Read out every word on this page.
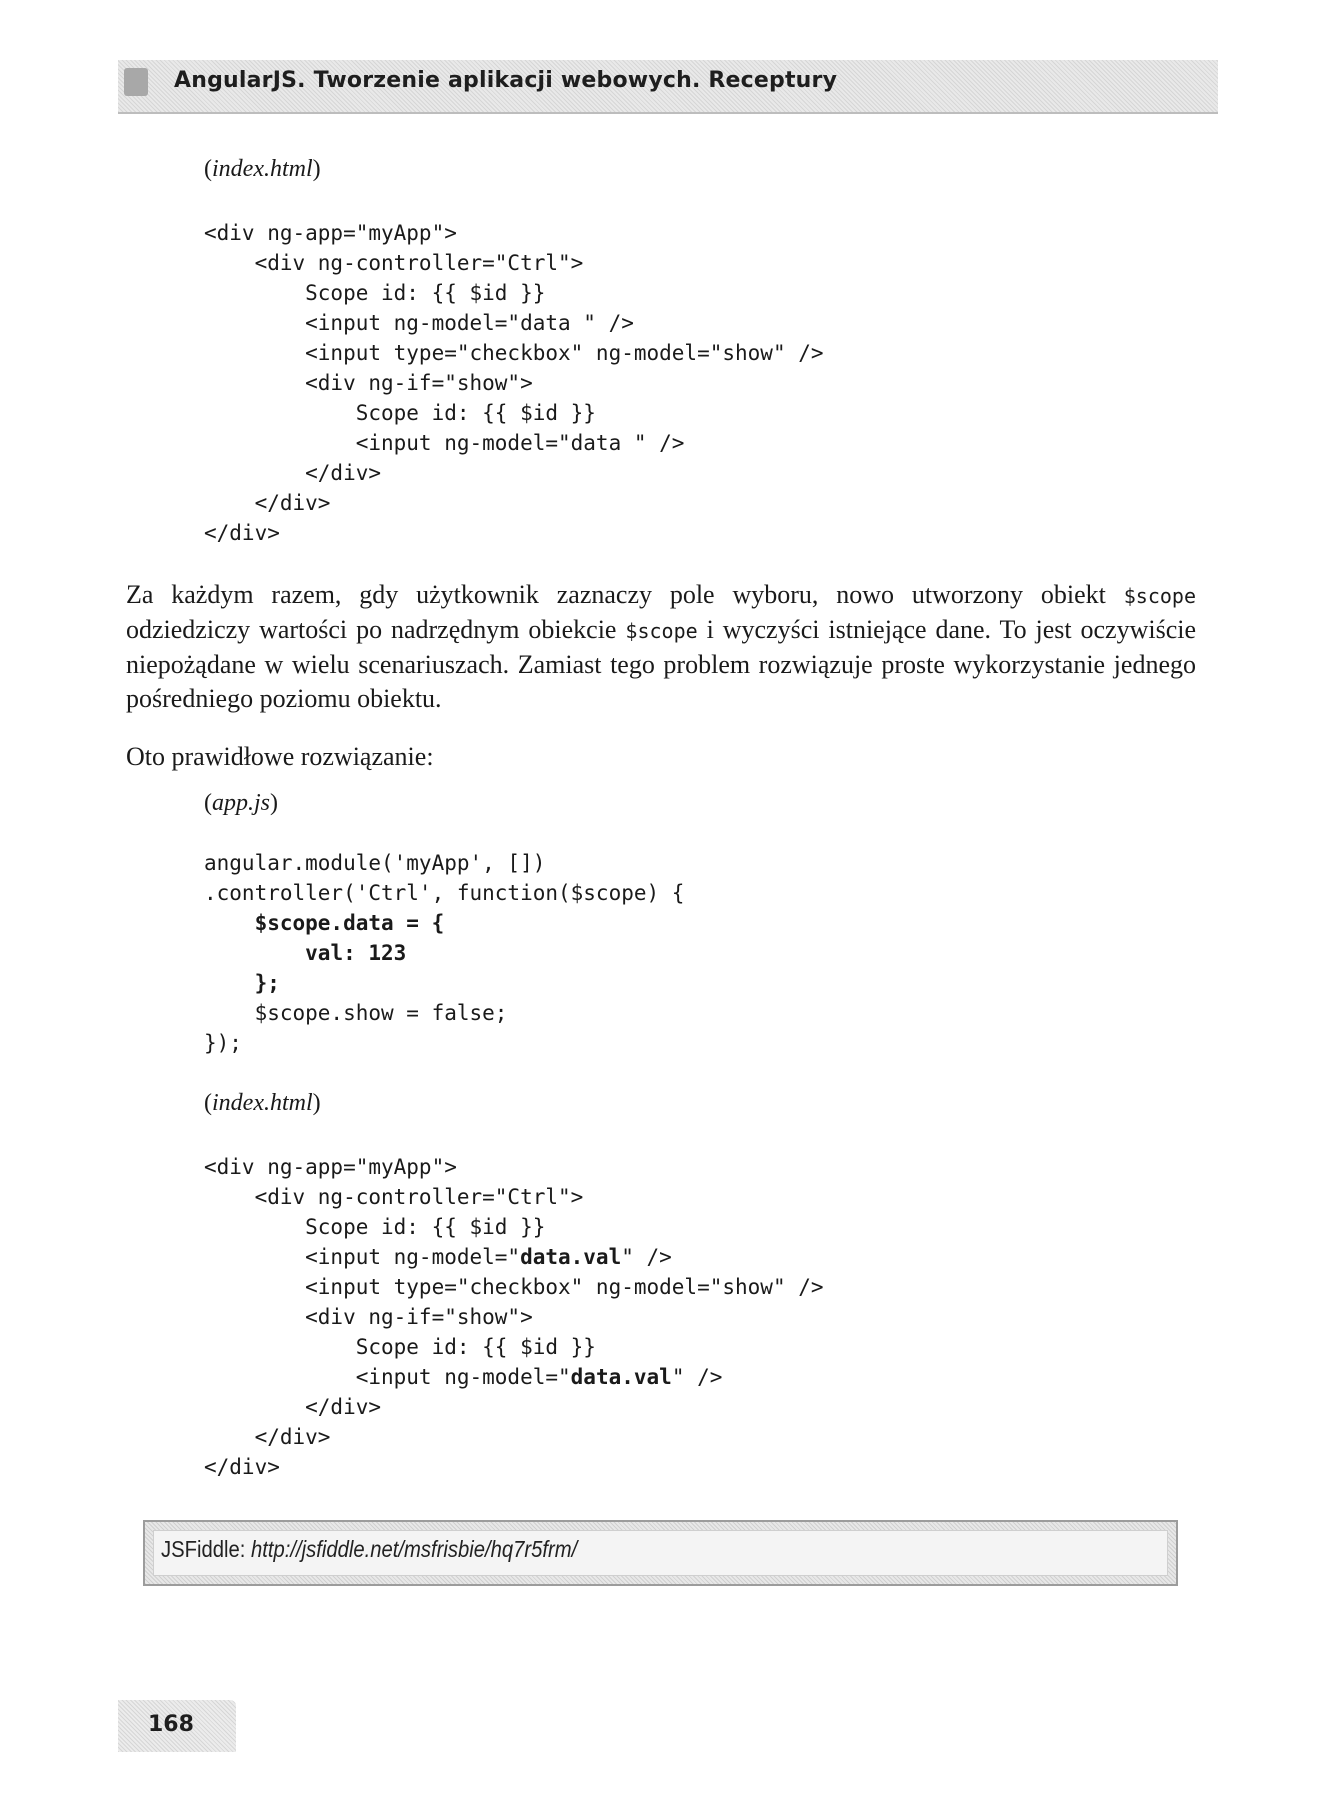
AngularJS. Tworzenie aplikacji webowych. Receptury
(index.html)
<div ng-app="myApp">
<div ng-controller="Ctrl">
Scope id: {{ $id }}
<input ng-model="data " />
<input type="checkbox" ng-model="show" />
<div ng-if="show">
Scope id: {{ $id }}
<input ng-model="data " />
</div>
</div>
</div>

Za każdym razem, gdy użytkownik zaznaczy pole wyboru, nowo utworzony obiekt $scope odziedziczy wartości po nadrzędnym obiekcie $scope i wyczyści istniejące dane. To jest oczywiście niepożądane w wielu scenariuszach. Zamiast tego problem rozwiązuje proste wykorzystanie jednego pośredniego poziomu obiektu.

Oto prawidłowe rozwiązanie:

(app.js)
angular.module('myApp', [])
.controller('Ctrl', function($scope) {
$scope.data = {
val: 123
};
$scope.show = false;
});
(index.html)
<div ng-app="myApp">
<div ng-controller="Ctrl">
Scope id: {{ $id }}
<input ng-model="data.val" />
<input type="checkbox" ng-model="show" />
<div ng-if="show">
Scope id: {{ $id }}
<input ng-model="data.val" />
</div>
</div>
</div>
JSFiddle: http://jsfiddle.net/msfrisbie/hq7r5frm/
168
